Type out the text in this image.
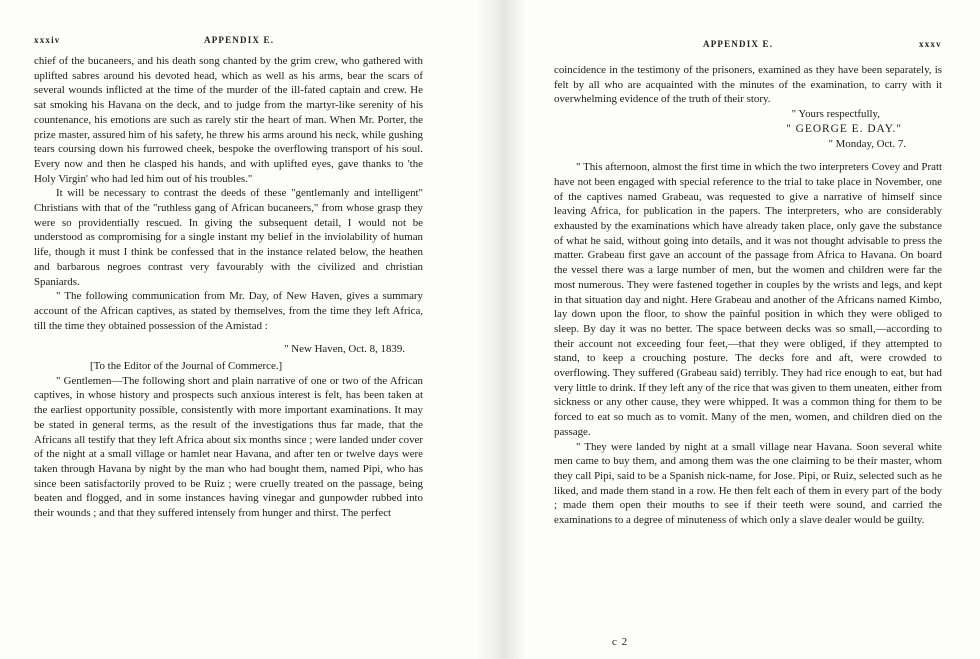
xxxiv	APPENDIX E.

chief of the bucaneers, and his death song chanted by the grim crew, who gathered with uplifted sabres around his devoted head, which as well as his arms, bear the scars of several wounds inflicted at the time of the murder of the ill-fated captain and crew. He sat smoking his Havana on the deck, and to judge from the martyr-like serenity of his countenance, his emotions are such as rarely stir the heart of man. When Mr. Porter, the prize master, assured him of his safety, he threw his arms around his neck, while gushing tears coursing down his furrowed cheek, bespoke the overflowing transport of his soul. Every now and then he clasped his hands, and with uplifted eyes, gave thanks to 'the Holy Virgin' who had led him out of his troubles."

It will be necessary to contrast the deeds of these "gentlemanly and intelligent" Christians with that of the "ruthless gang of African bucaneers," from whose grasp they were so providentially rescued. In giving the subsequent detail, I would not be understood as compromising for a single instant my belief in the inviolability of human life, though it must I think be confessed that in the instance related below, the heathen and barbarous negroes contrast very favourably with the civilized and christian Spaniards.

" The following communication from Mr. Day, of New Haven, gives a summary account of the African captives, as stated by themselves, from the time they left Africa, till the time they obtained possession of the Amistad :

" New Haven, Oct. 8, 1839.

[To the Editor of the Journal of Commerce.]

" Gentlemen—The following short and plain narrative of one or two of the African captives, in whose history and prospects such anxious interest is felt, has been taken at the earliest opportunity possible, consistently with more important examinations. It may be stated in general terms, as the result of the investigations thus far made, that the Africans all testify that they left Africa about six months since ; were landed under cover of the night at a small village or hamlet near Havana, and after ten or twelve days were taken through Havana by night by the man who had bought them, named Pipi, who has since been satisfactorily proved to be Ruiz ; were cruelly treated on the passage, being beaten and flogged, and in some instances having vinegar and gunpowder rubbed into their wounds ; and that they suffered intensely from hunger and thirst. The perfect

APPENDIX E.	xxxv

coincidence in the testimony of the prisoners, examined as they have been separately, is felt by all who are acquainted with the minutes of the examination, to carry with it overwhelming evidence of the truth of their story.

" Yours respectfully,

" GEORGE E. DAY."

" Monday, Oct. 7.

" This afternoon, almost the first time in which the two interpreters Covey and Pratt have not been engaged with special reference to the trial to take place in November, one of the captives named Grabeau, was requested to give a narrative of himself since leaving Africa, for publication in the papers. The interpreters, who are considerably exhausted by the examinations which have already taken place, only gave the substance of what he said, without going into details, and it was not thought advisable to press the matter. Grabeau first gave an account of the passage from Africa to Havana. On board the vessel there was a large number of men, but the women and children were far the most numerous. They were fastened together in couples by the wrists and legs, and kept in that situation day and night. Here Grabeau and another of the Africans named Kimbo, lay down upon the floor, to show the painful position in which they were obliged to sleep. By day it was no better. The space between decks was so small,—according to their account not exceeding four feet,—that they were obliged, if they attempted to stand, to keep a crouching posture. The decks fore and aft, were crowded to overflowing. They suffered (Grabeau said) terribly. They had rice enough to eat, but had very little to drink. If they left any of the rice that was given to them uneaten, either from sickness or any other cause, they were whipped. It was a common thing for them to be forced to eat so much as to vomit. Many of the men, women, and children died on the passage.

" They were landed by night at a small village near Havana. Soon several white men came to buy them, and among them was the one claiming to be their master, whom they call Pipi, said to be a Spanish nick-name, for Jose. Pipi, or Ruiz, selected such as he liked, and made them stand in a row. He then felt each of them in every part of the body ; made them open their mouths to see if their teeth were sound, and carried the examinations to a degree of minuteness of which only a slave dealer would be guilty.

c 2
